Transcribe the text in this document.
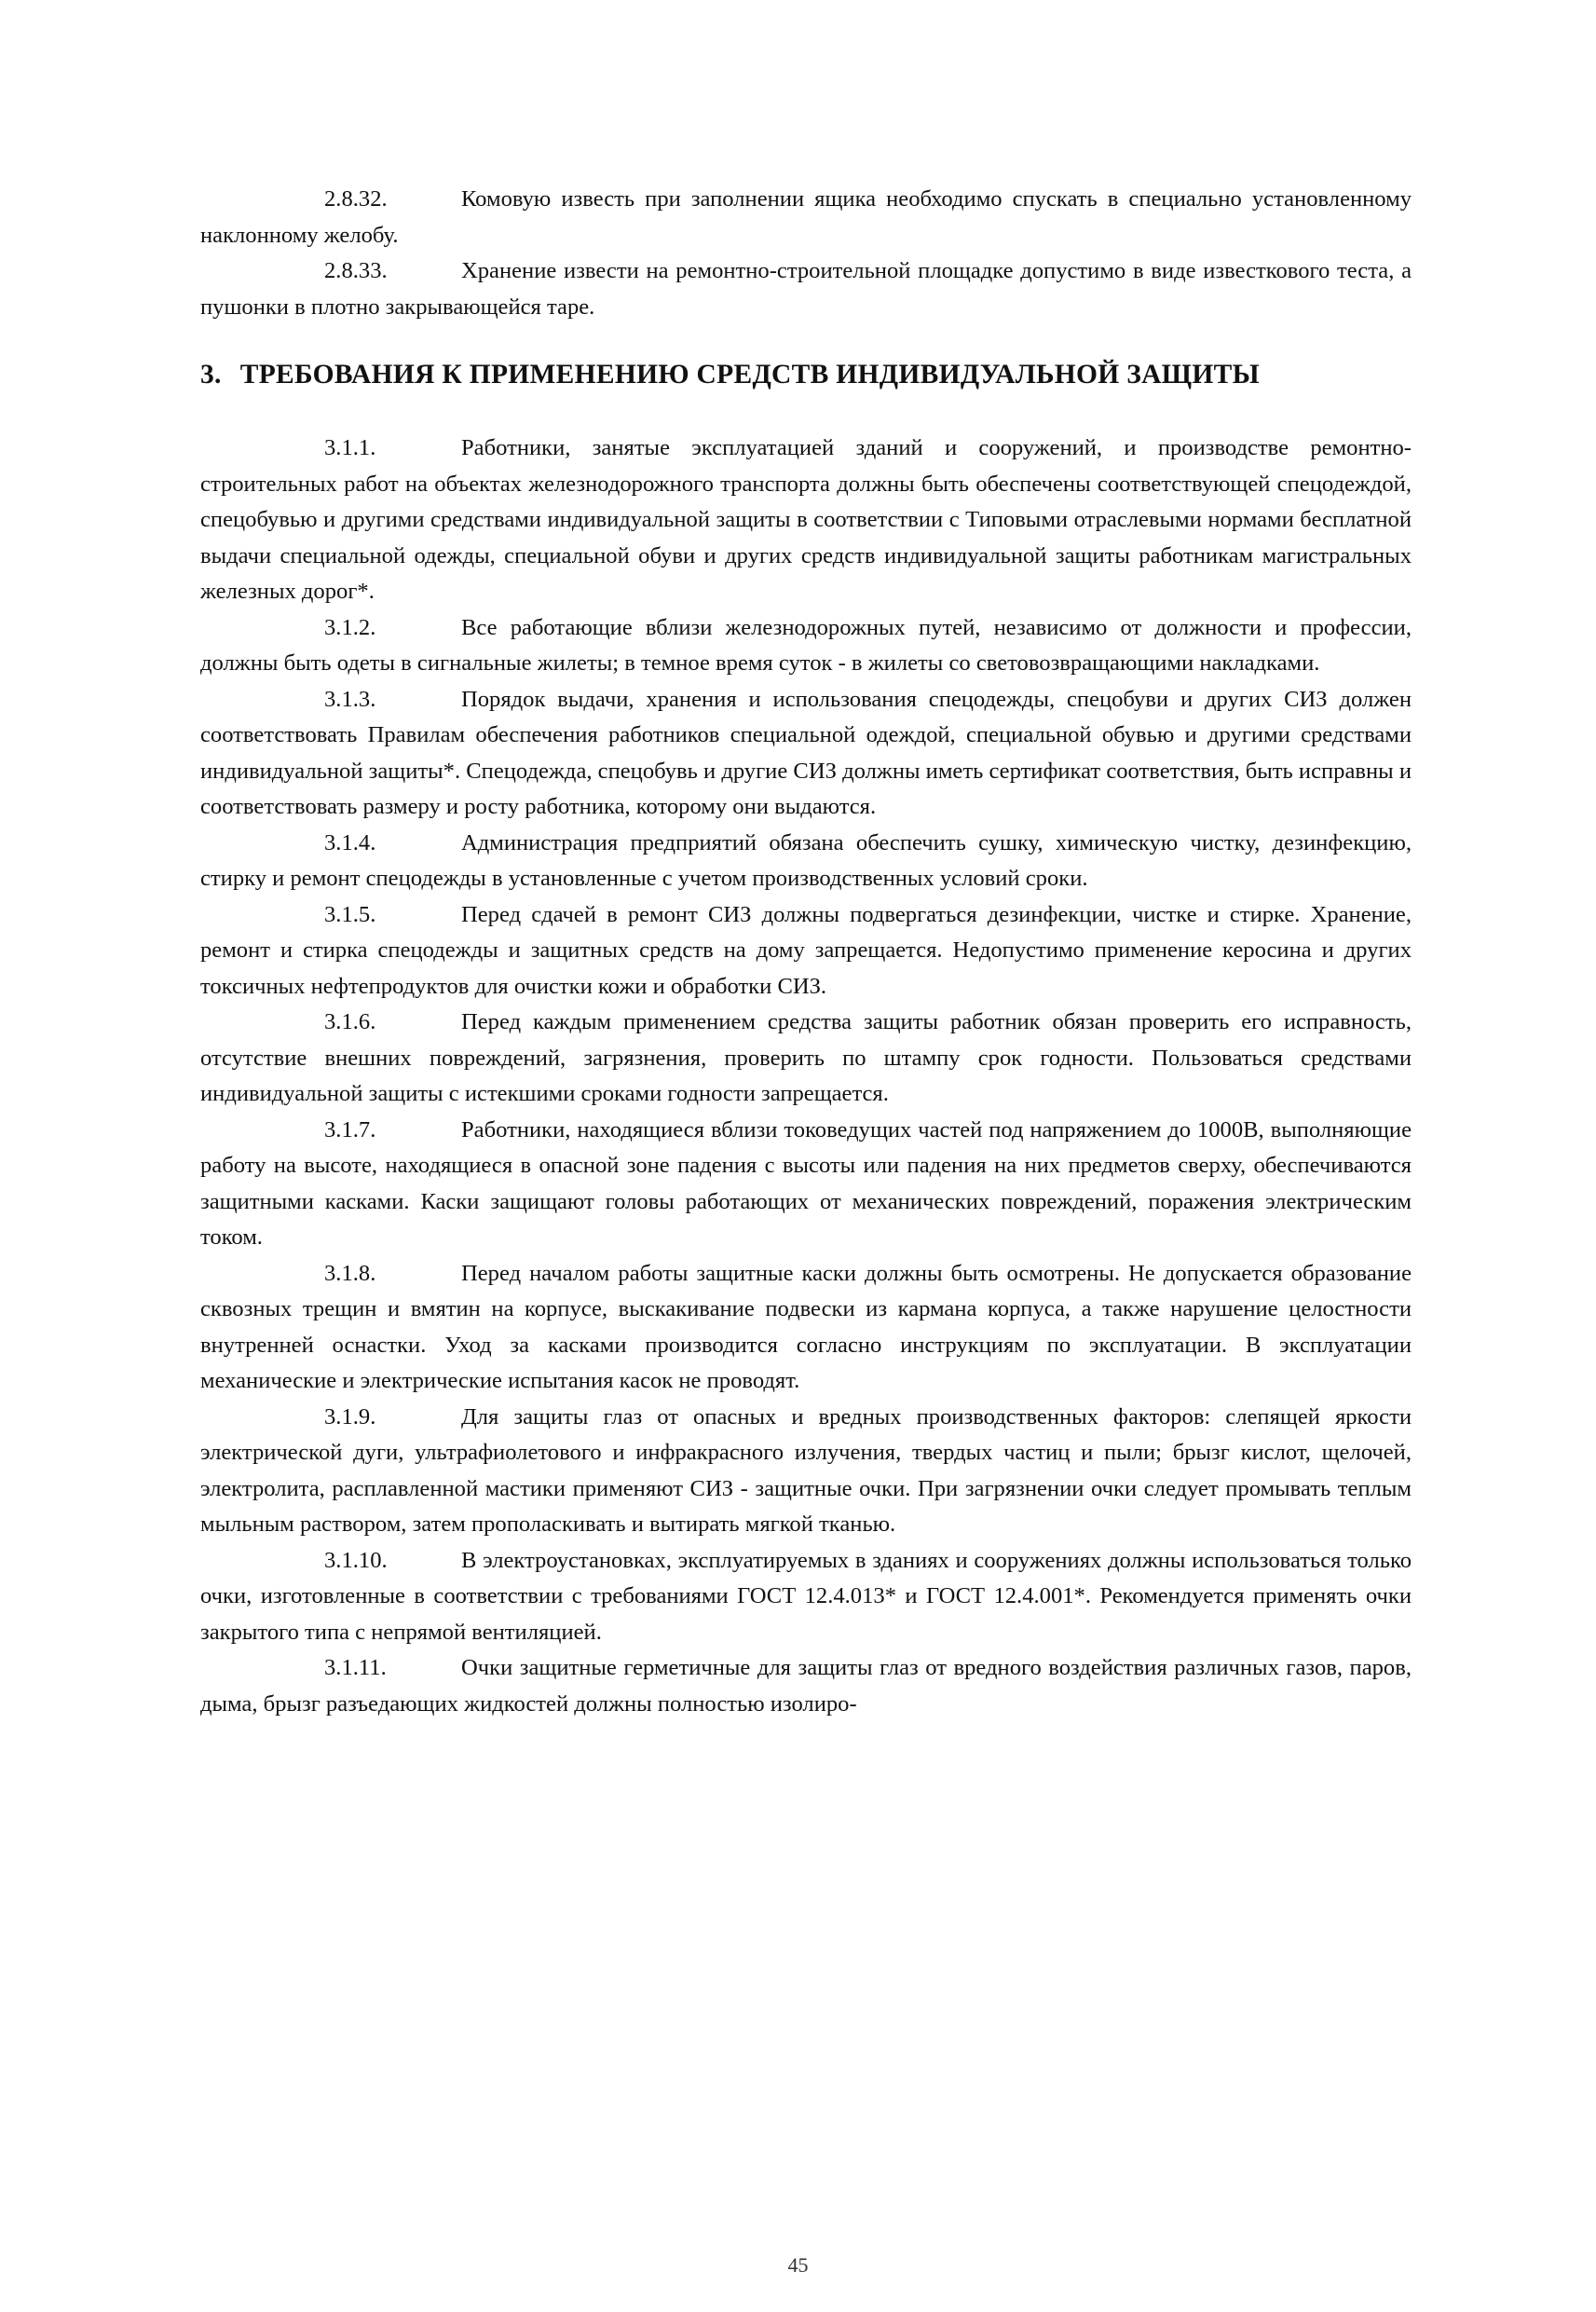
2.8.32.	Комовую известь при заполнении ящика необходимо спускать в специально установленному наклонному желобу.

2.8.33.	Хранение извести на ремонтно-строительной площадке допустимо в виде известкового теста, а пушонки в плотно закрывающейся таре.

3. ТРЕБОВАНИЯ К ПРИМЕНЕНИЮ СРЕДСТВ ИНДИВИДУАЛЬНОЙ ЗАЩИТЫ

3.1.1.	Работники, занятые эксплуатацией зданий и сооружений, и производстве ремонтно-строительных работ на объектах железнодорожного транспорта должны быть обеспечены соответствующей спецодеждой, спецобувью и другими средствами индивидуальной защиты в соответствии с Типовыми отраслевыми нормами бесплатной выдачи специальной одежды, специальной обуви и других средств индивидуальной защиты работникам магистральных железных дорог*.

3.1.2.	Все работающие вблизи железнодорожных путей, независимо от должности и профессии, должны быть одеты в сигнальные жилеты; в темное время суток - в жилеты со световозвращающими накладками.

3.1.3.	Порядок выдачи, хранения и использования спецодежды, спецобуви и других СИЗ должен соответствовать Правилам обеспечения работников специальной одеждой, специальной обувью и другими средствами индивидуальной защиты*. Спецодежда, спецобувь и другие СИЗ должны иметь сертификат соответствия, быть исправны и соответствовать размеру и росту работника, которому они выдаются.

3.1.4.	Администрация предприятий обязана обеспечить сушку, химическую чистку, дезинфекцию, стирку и ремонт спецодежды в установленные с учетом производственных условий сроки.

3.1.5.	Перед сдачей в ремонт СИЗ должны подвергаться дезинфекции, чистке и стирке. Хранение, ремонт и стирка спецодежды и защитных средств на дому запрещается. Недопустимо применение керосина и других токсичных нефтепродуктов для очистки кожи и обработки СИЗ.

3.1.6.	Перед каждым применением средства защиты работник обязан проверить его исправность, отсутствие внешних повреждений, загрязнения, проверить по штампу срок годности. Пользоваться средствами индивидуальной защиты с истекшими сроками годности запрещается.

3.1.7.	Работники, находящиеся вблизи токоведущих частей под напряжением до 1000В, выполняющие работу на высоте, находящиеся в опасной зоне падения с высоты или падения на них предметов сверху, обеспечиваются защитными касками. Каски защищают головы работающих от механических повреждений, поражения электрическим током.

3.1.8.	Перед началом работы защитные каски должны быть осмотрены. Не допускается образование сквозных трещин и вмятин на корпусе, выскакивание подвески из кармана корпуса, а также нарушение целостности внутренней оснастки. Уход за касками производится согласно инструкциям по эксплуатации. В эксплуатации механические и электрические испытания касок не проводят.

3.1.9.	Для защиты глаз от опасных и вредных производственных факторов: слепящей яркости электрической дуги, ультрафиолетового и инфракрасного излучения, твердых частиц и пыли; брызг кислот, щелочей, электролита, расплавленной мастики применяют СИЗ - защитные очки. При загрязнении очки следует промывать теплым мыльным раствором, затем прополаскивать и вытирать мягкой тканью.

3.1.10.	В электроустановках, эксплуатируемых в зданиях и сооружениях должны использоваться только очки, изготовленные в соответствии с требованиями ГОСТ 12.4.013* и ГОСТ 12.4.001*. Рекомендуется применять очки закрытого типа с непрямой вентиляцией.

3.1.11.	Очки защитные герметичные для защиты глаз от вредного воздействия различных газов, паров, дыма, брызг разъедающих жидкостей должны полностью изолиро-

45
